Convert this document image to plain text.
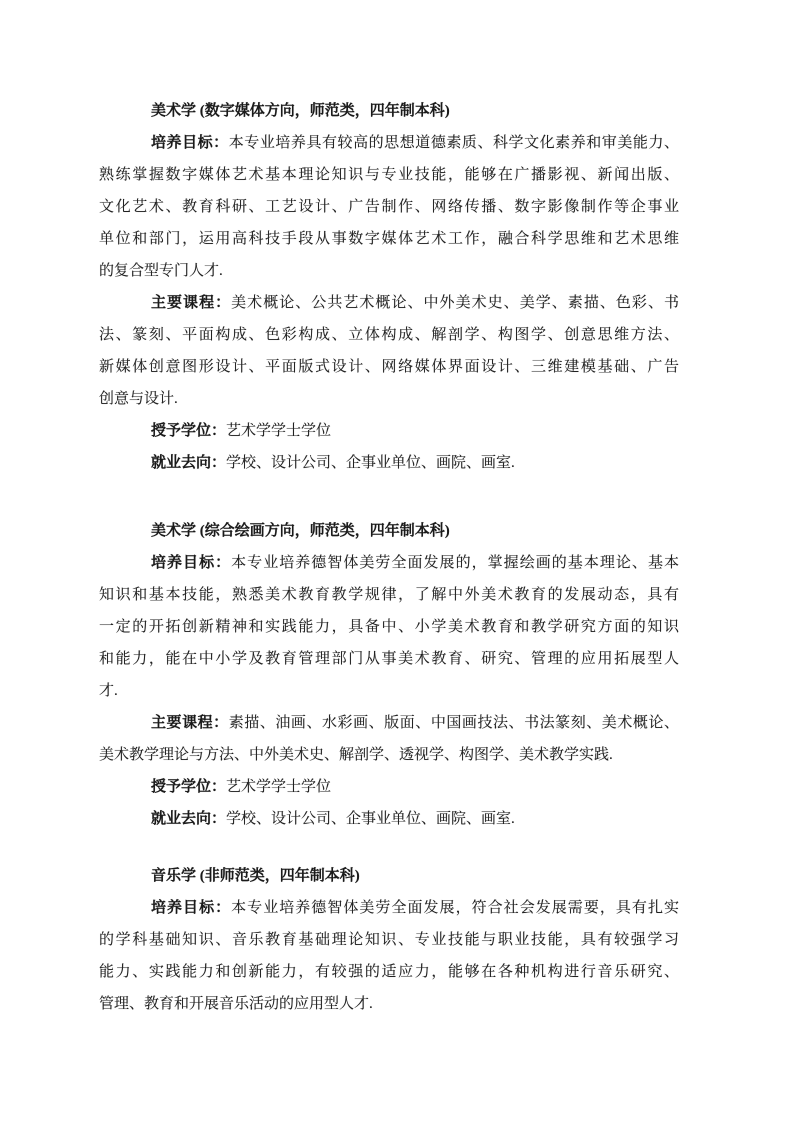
美术学 (数字媒体方向，师范类，四年制本科)
培养目标：本专业培养具有较高的思想道德素质、科学文化素养和审美能力、
熟练掌握数字媒体艺术基本理论知识与专业技能，能够在广播影视、新闻出版、
文化艺术、教育科研、工艺设计、广告制作、网络传播、数字影像制作等企事业
单位和部门，运用高科技手段从事数字媒体艺术工作，融合科学思维和艺术思维
的复合型专门人才.
主要课程：美术概论、公共艺术概论、中外美术史、美学、素描、色彩、书
法、篆刻、平面构成、色彩构成、立体构成、解剖学、构图学、创意思维方法、
新媒体创意图形设计、平面版式设计、网络媒体界面设计、三维建模基础、广告
创意与设计.
授予学位：艺术学学士学位
就业去向：学校、设计公司、企事业单位、画院、画室.
美术学 (综合绘画方向，师范类，四年制本科)
培养目标：本专业培养德智体美劳全面发展的，掌握绘画的基本理论、基本
知识和基本技能，熟悉美术教育教学规律，了解中外美术教育的发展动态，具有
一定的开拓创新精神和实践能力，具备中、小学美术教育和教学研究方面的知识
和能力，能在中小学及教育管理部门从事美术教育、研究、管理的应用拓展型人
才.
主要课程：素描、油画、水彩画、版面、中国画技法、书法篆刻、美术概论、
美术教学理论与方法、中外美术史、解剖学、透视学、构图学、美术教学实践.
授予学位：艺术学学士学位
就业去向：学校、设计公司、企事业单位、画院、画室.
音乐学 (非师范类，四年制本科)
培养目标：本专业培养德智体美劳全面发展，符合社会发展需要，具有扎实
的学科基础知识、音乐教育基础理论知识、专业技能与职业技能，具有较强学习
能力、实践能力和创新能力，有较强的适应力，能够在各种机构进行音乐研究、
管理、教育和开展音乐活动的应用型人才.
